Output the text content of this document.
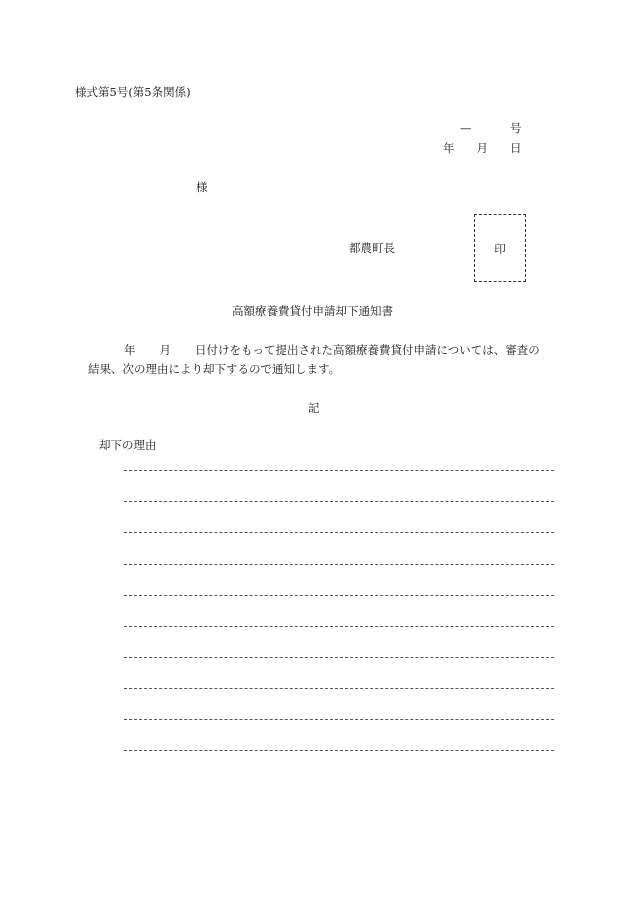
様式第5号(第5条関係)
—	号
年 月 日
様
都農町長	印
高額療養費貸付申請却下通知書
年 月 日付けをもって提出された高額療養費貸付申請については、審査の
結果、次の理由により却下するので通知します。
記
却下の理由
